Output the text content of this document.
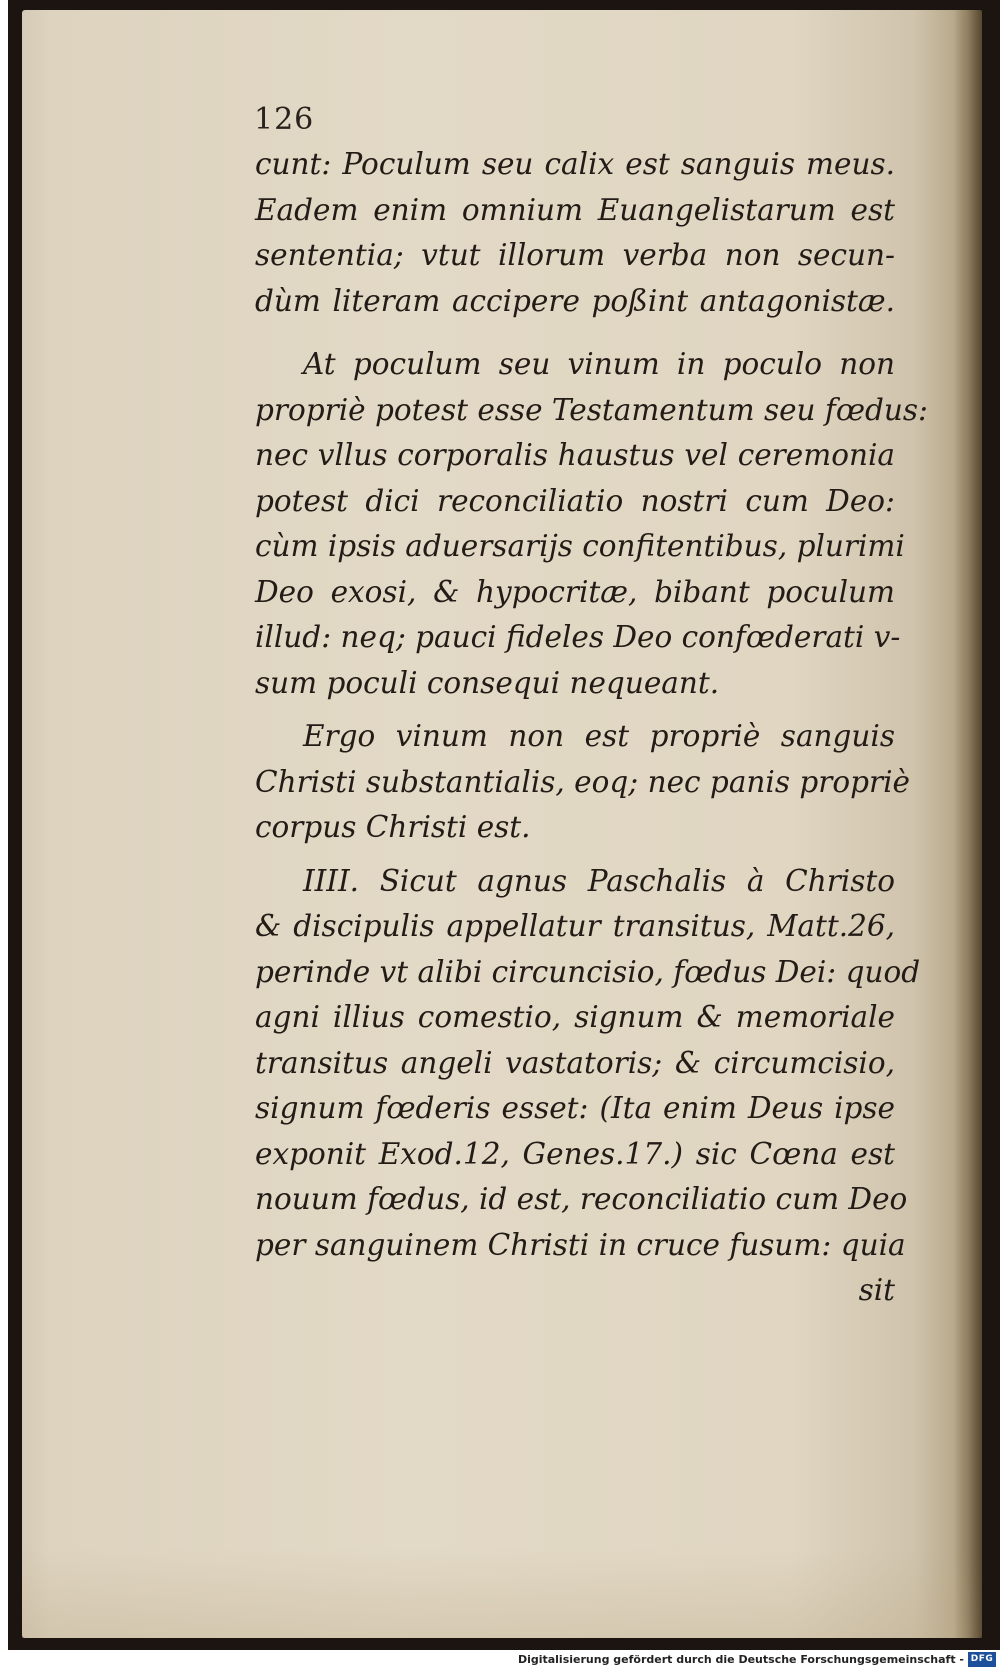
126
cunt: Poculum seu calix est sanguis meus.
Eadem enim omnium Euangelistarum est
sententia; vtut illorum verba non secun-
dùm literam accipere poßint antagonistæ.
At poculum seu vinum in poculo non
propriè potest esse Testamentum seu fœdus:
nec vllus corporalis haustus vel ceremonia
potest dici reconciliatio nostri cum Deo:
cùm ipsis aduersarijs confitentibus, plurimi
Deo exosi, & hypocritæ, bibant poculum
illud: neq; pauci fideles Deo confœderati v-
sum poculi consequi nequeant.
Ergo vinum non est propriè sanguis
Christi substantialis, eoq; nec panis propriè
corpus Christi est.
IIII. Sicut agnus Paschalis à Christo
& discipulis appellatur transitus, Matt.26,
perinde vt alibi circuncisio, fœdus Dei: quod
agni illius comestio, signum & memoriale
transitus angeli vastatoris; & circumcisio,
signum fœderis esset: (Ita enim Deus ipse
exponit Exod.12, Genes.17.) sic Cœna est
nouum fœdus, id est, reconciliatio cum Deo
per sanguinem Christi in cruce fusum: quia
sit
Digitalisierung gefördert durch die Deutsche Forschungsgemeinschaft - DFG
